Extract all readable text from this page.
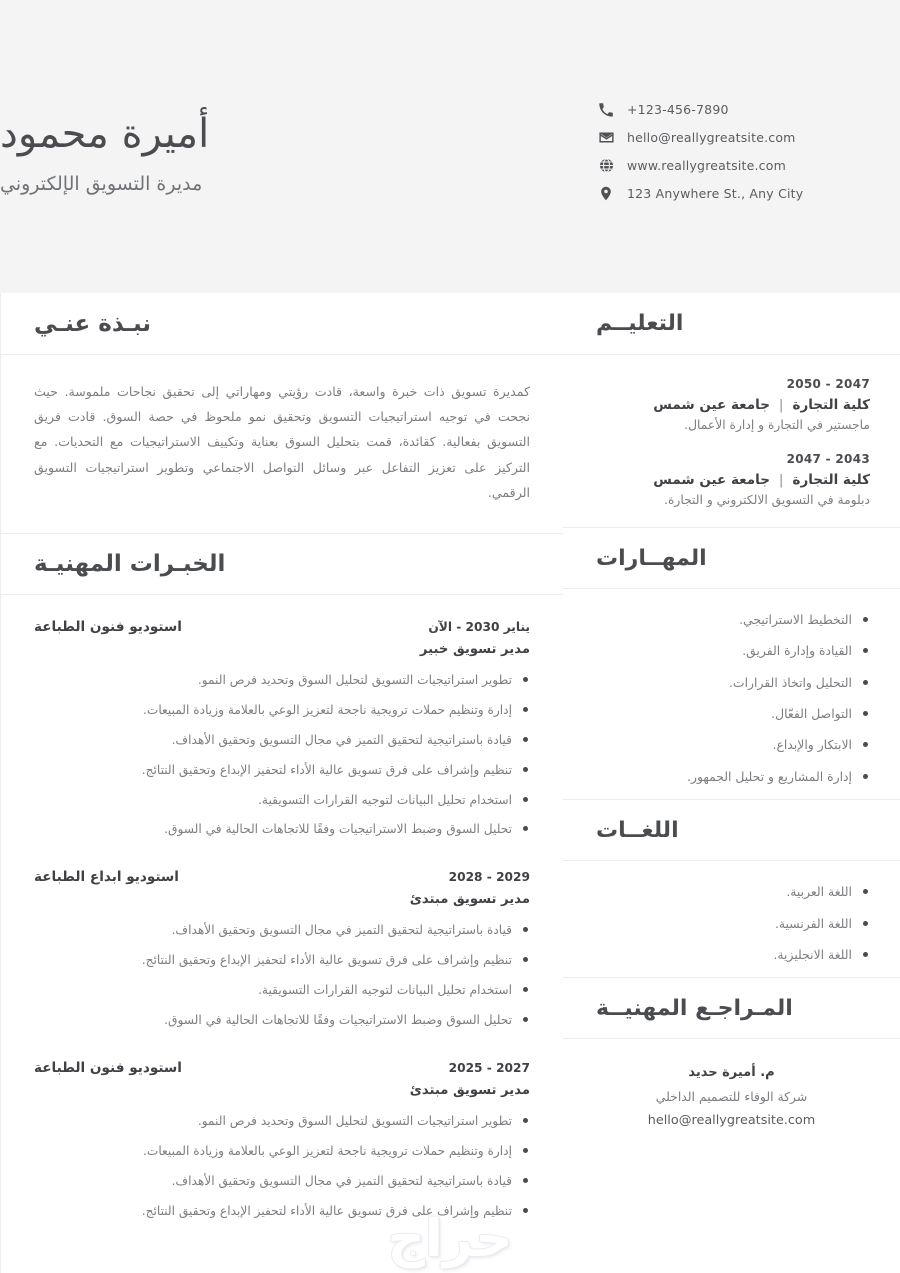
+123-456-7890
hello@reallygreatsite.com
www.reallygreatsite.com
123 Anywhere St., Any City
أميرة محمود
مديرة التسويق الإلكتروني
التعليــم
2050 - 2047
كلية التجارة|جامعة عين شمس
ماجستير في التجارة و إدارة الأعمال.
2047 - 2043
كلية التجارة|جامعة عين شمس
دبلومة في التسويق الالكتروني و التجارة.
المهــارات
التخطيط الاستراتيجي.
القيادة وإدارة الفريق.
التحليل واتخاذ القرارات.
التواصل الفعّال.
الابتكار والإبداع.
إدارة المشاريع و تحليل الجمهور.
اللغــات
اللغة العربية.
اللغة الفرنسية.
اللغة الانجليزية.
المـراجـع المهنيــة
م. أميرة حديد
شركة الوفاء للتصميم الداخلي
hello@reallygreatsite.com
نبـذة عنـي

كمديرة تسويق ذات خبرة واسعة، قادت رؤيتي ومهاراتي إلى تحقيق نجاحات ملموسة. حيث نجحت في توجيه استراتيجيات التسويق وتحقيق نمو ملحوظ في حصة السوق. قادت فريق التسويق بفعالية. كقائدة، قمت بتحليل السوق بعناية وتكييف الاستراتيجيات مع التحديات. مع التركيز على تعزيز التفاعل عبر وسائل التواصل الاجتماعي وتطوير استراتيجيات التسويق الرقمي.

الخبـرات المهنيـة
استوديو فنون الطباعة	يناير 2030 - الآن
مدير تسويق خبير
تطوير استراتيجيات التسويق لتحليل السوق وتحديد فرص النمو.
إدارة وتنظيم حملات ترويجية ناجحة لتعزيز الوعي بالعلامة وزيادة المبيعات.
قيادة باستراتيجية لتحقيق التميز في مجال التسويق وتحقيق الأهداف.
تنظيم وإشراف على فرق تسويق عالية الأداء لتحفيز الإبداع وتحقيق النتائج.
استخدام تحليل البيانات لتوجيه القرارات التسويقية.
تحليل السوق وضبط الاستراتيجيات وفقًا للاتجاهات الحالية في السوق.
استوديو ابداع الطباعة	2029 - 2028
مدير تسويق مبتدئ
قيادة باستراتيجية لتحقيق التميز في مجال التسويق وتحقيق الأهداف.
تنظيم وإشراف على فرق تسويق عالية الأداء لتحفيز الإبداع وتحقيق النتائج.
استخدام تحليل البيانات لتوجيه القرارات التسويقية.
تحليل السوق وضبط الاستراتيجيات وفقًا للاتجاهات الحالية في السوق.
استوديو فنون الطباعة	2027 - 2025
مدير تسويق مبتدئ
تطوير استراتيجيات التسويق لتحليل السوق وتحديد فرص النمو.
إدارة وتنظيم حملات ترويجية ناجحة لتعزيز الوعي بالعلامة وزيادة المبيعات.
قيادة باستراتيجية لتحقيق التميز في مجال التسويق وتحقيق الأهداف.
تنظيم وإشراف على فرق تسويق عالية الأداء لتحفيز الإبداع وتحقيق النتائج.
حراج
